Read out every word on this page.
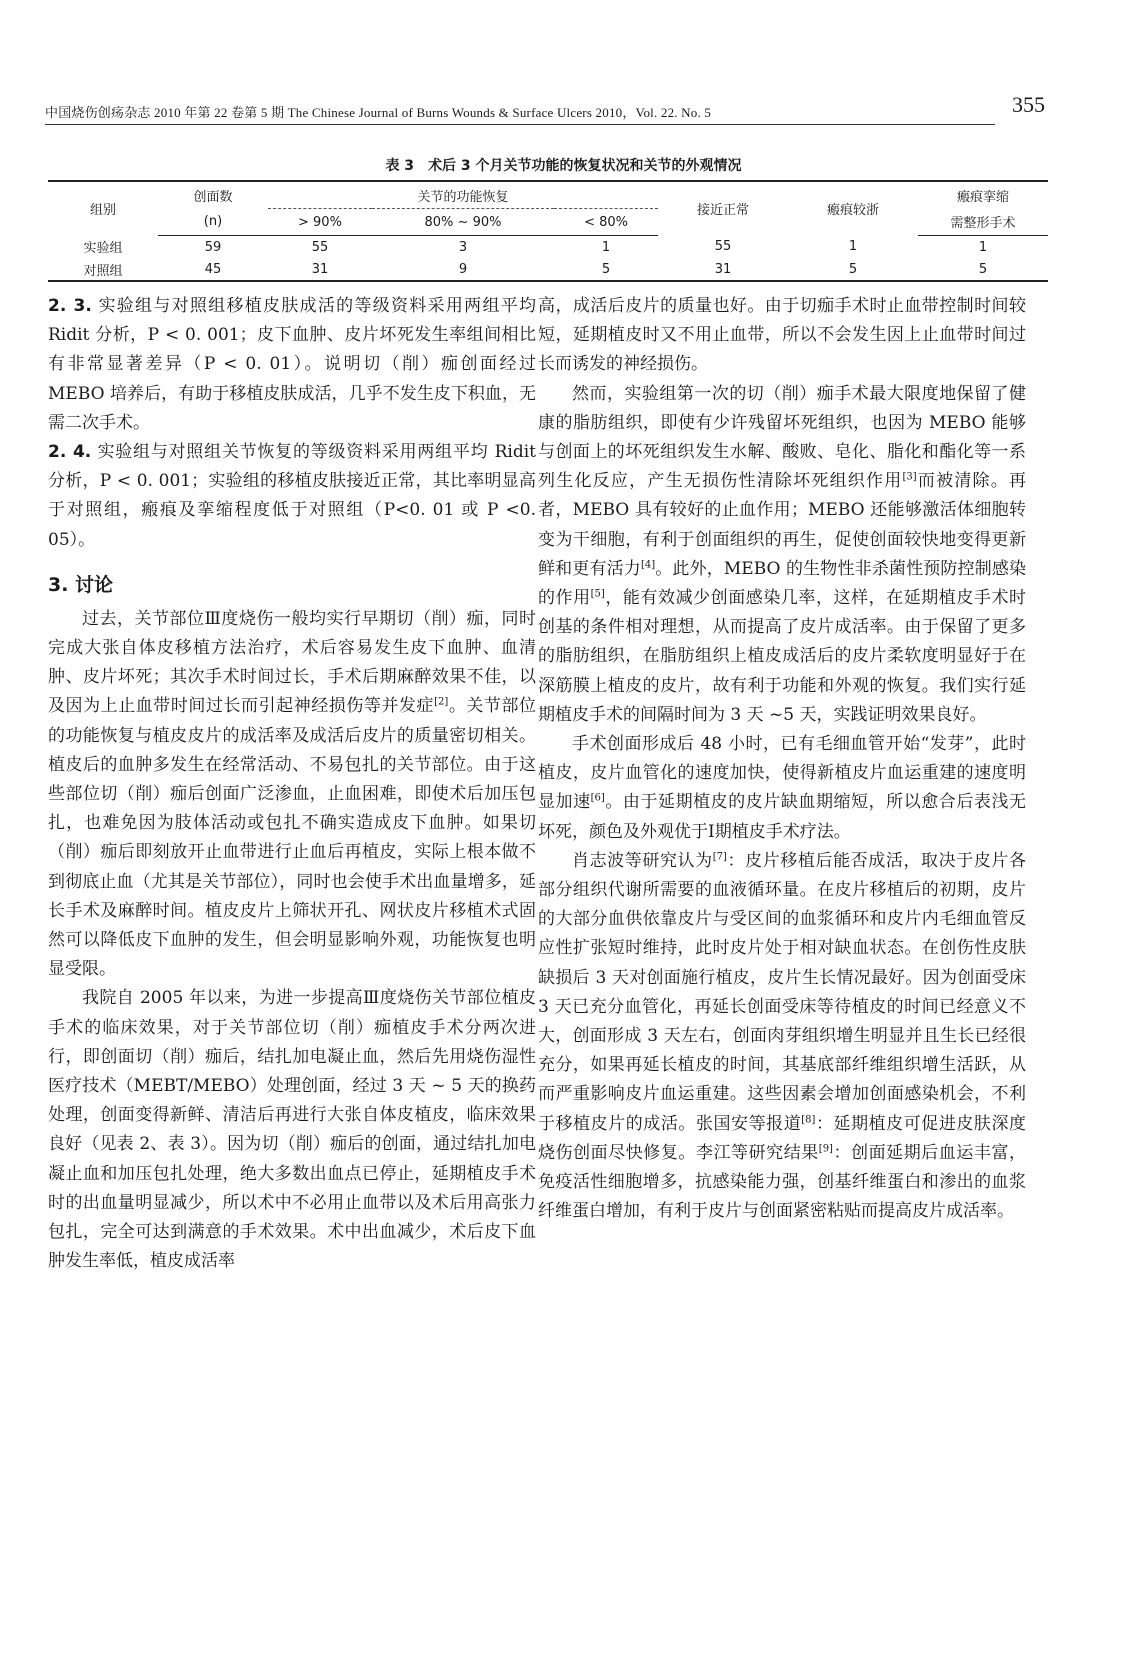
中国烧伤创疡杂志 2010 年第 22 卷第 5 期 The Chinese Journal of Burns Wounds & Surface Ulcers 2010，Vol. 22. No. 5	355
表 3 术后 3 个月关节功能的恢复状况和关节的外观情况
组别	创面数	关节的功能恢复			接近正常	瘢痕较浙	瘢痕挛缩
	(n)	> 90%	80% ~ 90%	< 80%			需整形手术
实验组	59	55	3	1	55	1	1
对照组	45	31	9	5	31	5	5

2. 3. 实验组与对照组移植皮肤成活的等级资料采用两组平均 Ridit 分析，P < 0. 001；皮下血肿、皮片坏死发生率组间相比有非常显著差异（P < 0. 01）。说明切（削）痂创面经过 MEBO 培养后，有助于移植皮肤成活，几乎不发生皮下积血，无需二次手术。

2. 4. 实验组与对照组关节恢复的等级资料采用两组平均 Ridit 分析，P < 0. 001；实验组的移植皮肤接近正常，其比率明显高于对照组，瘢痕及挛缩程度低于对照组（P<0. 01 或 P <0. 05）。

3. 讨论

过去，关节部位Ⅲ度烧伤一般均实行早期切（削）痂，同时完成大张自体皮移植方法治疗，术后容易发生皮下血肿、血清肿、皮片坏死；其次手术时间过长，手术后期麻醉效果不佳，以及因为上止血带时间过长而引起神经损伤等并发症[2]。关节部位的功能恢复与植皮皮片的成活率及成活后皮片的质量密切相关。植皮后的血肿多发生在经常活动、不易包扎的关节部位。由于这些部位切（削）痂后创面广泛渗血，止血困难，即使术后加压包扎，也难免因为肢体活动或包扎不确实造成皮下血肿。如果切（削）痂后即刻放开止血带进行止血后再植皮，实际上根本做不到彻底止血（尤其是关节部位），同时也会使手术出血量增多，延长手术及麻醉时间。植皮皮片上筛状开孔、网状皮片移植术式固然可以降低皮下血肿的发生，但会明显影响外观，功能恢复也明显受限。

我院自 2005 年以来，为进一步提高Ⅲ度烧伤关节部位植皮手术的临床效果，对于关节部位切（削）痂植皮手术分两次进行，即创面切（削）痂后，结扎加电凝止血，然后先用烧伤湿性医疗技术（MEBT/MEBO）处理创面，经过 3 天 ~ 5 天的换药处理，创面变得新鲜、清洁后再进行大张自体皮植皮，临床效果良好（见表 2、表 3）。因为切（削）痂后的创面，通过结扎加电凝止血和加压包扎处理，绝大多数出血点已停止，延期植皮手术时的出血量明显减少，所以术中不必用止血带以及术后用高张力包扎，完全可达到满意的手术效果。术中出血减少，术后皮下血肿发生率低，植皮成活率

高，成活后皮片的质量也好。由于切痂手术时止血带控制时间较短，延期植皮时又不用止血带，所以不会发生因上止血带时间过长而诱发的神经损伤。

然而，实验组第一次的切（削）痂手术最大限度地保留了健康的脂肪组织，即使有少许残留坏死组织，也因为 MEBO 能够与创面上的坏死组织发生水解、酸败、皂化、脂化和酯化等一系列生化反应，产生无损伤性清除坏死组织作用[3]而被清除。再者，MEBO 具有较好的止血作用；MEBO 还能够激活体细胞转变为干细胞，有利于创面组织的再生，促使创面较快地变得更新鲜和更有活力[4]。此外，MEBO 的生物性非杀菌性预防控制感染的作用[5]，能有效减少创面感染几率，这样，在延期植皮手术时创基的条件相对理想，从而提高了皮片成活率。由于保留了更多的脂肪组织，在脂肪组织上植皮成活后的皮片柔软度明显好于在深筋膜上植皮的皮片，故有利于功能和外观的恢复。我们实行延期植皮手术的间隔时间为 3 天 ~5 天，实践证明效果良好。

手术创面形成后 48 小时，已有毛细血管开始“发芽”，此时植皮，皮片血管化的速度加快，使得新植皮片血运重建的速度明显加速[6]。由于延期植皮的皮片缺血期缩短，所以愈合后表浅无坏死，颜色及外观优于Ⅰ期植皮手术疗法。

肖志波等研究认为[7]：皮片移植后能否成活，取决于皮片各部分组织代谢所需要的血液循环量。在皮片移植后的初期，皮片的大部分血供依靠皮片与受区间的血浆循环和皮片内毛细血管反应性扩张短时维持，此时皮片处于相对缺血状态。在创伤性皮肤缺损后 3 天对创面施行植皮，皮片生长情况最好。因为创面受床 3 天已充分血管化，再延长创面受床等待植皮的时间已经意义不大，创面形成 3 天左右，创面肉芽组织增生明显并且生长已经很充分，如果再延长植皮的时间，其基底部纤维组织增生活跃，从而严重影响皮片血运重建。这些因素会增加创面感染机会，不利于移植皮片的成活。张国安等报道[8]：延期植皮可促进皮肤深度烧伤创面尽快修复。李江等研究结果[9]：创面延期后血运丰富，免疫活性细胞增多，抗感染能力强，创基纤维蛋白和渗出的血浆纤维蛋白增加，有利于皮片与创面紧密粘贴而提高皮片成活率。
